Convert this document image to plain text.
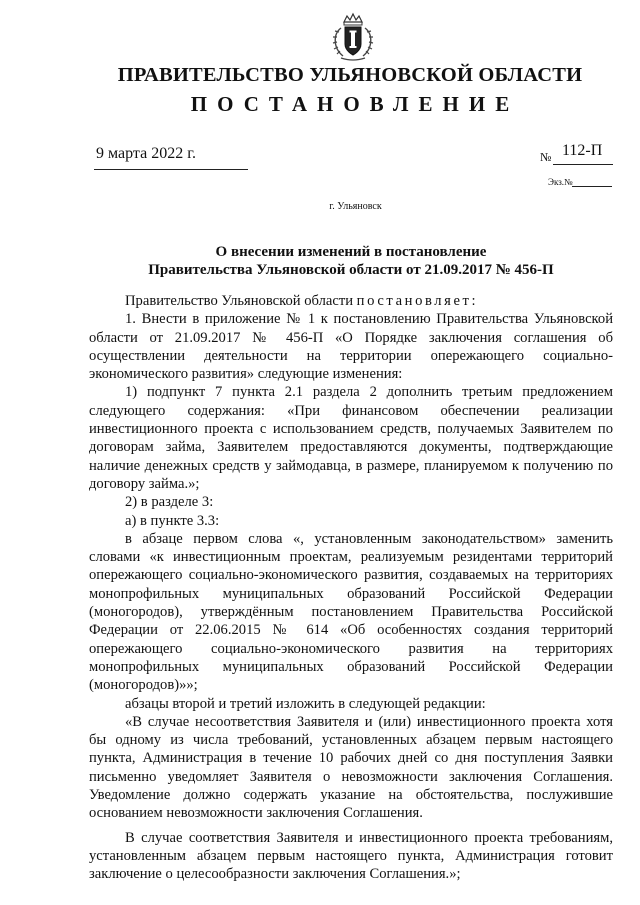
ПРАВИТЕЛЬСТВО УЛЬЯНОВСКОЙ ОБЛАСТИ
ПОСТАНОВЛЕНИЕ
9 марта 2022 г.	№ 112-П
Экз.№
г. Ульяновск
О внесении изменений в постановление
Правительства Ульяновской области от 21.09.2017 № 456-П

Правительство Ульяновской области постановляет:

1. Внести в приложение № 1 к постановлению Правительства Ульяновской области от 21.09.2017 № 456-П «О Порядке заключения соглашения об осуществлении деятельности на территории опережающего социально-экономического развития» следующие изменения:

1) подпункт 7 пункта 2.1 раздела 2 дополнить третьим предложением следующего содержания: «При финансовом обеспечении реализации инвестиционного проекта с использованием средств, получаемых Заявителем по договорам займа, Заявителем предоставляются документы, подтверждающие наличие денежных средств у займодавца, в размере, планируемом к получению по договору займа.»;

2) в разделе 3:

а) в пункте 3.3:

в абзаце первом слова «, установленным законодательством» заменить словами «к инвестиционным проектам, реализуемым резидентами территорий опережающего социально-экономического развития, создаваемых на территориях монопрофильных муниципальных образований Российской Федерации (моногородов), утверждённым постановлением Правительства Российской Федерации от 22.06.2015 № 614 «Об особенностях создания территорий опережающего социально-экономического развития на территориях монопрофильных муниципальных образований Российской Федерации (моногородов)»»;

абзацы второй и третий изложить в следующей редакции:

«В случае несоответствия Заявителя и (или) инвестиционного проекта хотя бы одному из числа требований, установленных абзацем первым настоящего пункта, Администрация в течение 10 рабочих дней со дня поступления Заявки письменно уведомляет Заявителя о невозможности заключения Соглашения. Уведомление должно содержать указание на обстоятельства, послужившие основанием невозможности заключения Соглашения.

В случае соответствия Заявителя и инвестиционного проекта требованиям, установленным абзацем первым настоящего пункта, Администрация готовит заключение о целесообразности заключения Соглашения.»;
